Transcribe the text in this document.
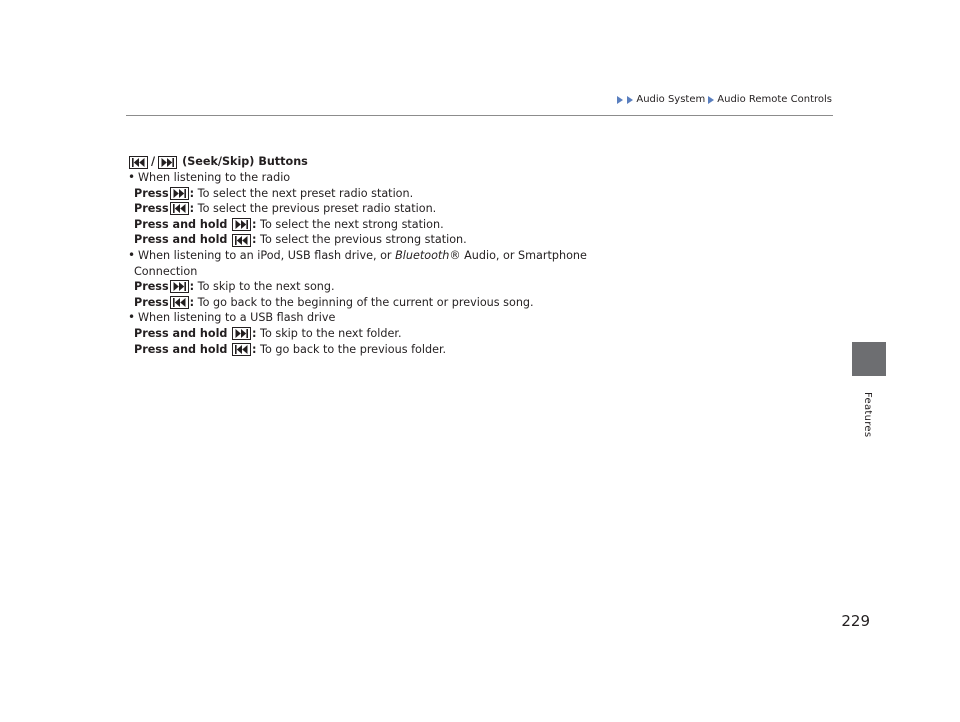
Audio System Audio Remote Controls
Features
/ (Seek/Skip) Buttons
• When listening to the radio
Press :
To select the next preset radio station.
Press :
To select the previous preset radio station.
Press and hold
:
To select the next strong station.
Press and hold
:
To select the previous strong station.
• When listening to an iPod, USB flash drive, or Bluetooth® Audio, or Smartphone
Connection
Press :
To skip to the next song.
Press :
To go back to the beginning of the current or previous song.
• When listening to a USB flash drive
Press and hold
:
To skip to the next folder.
Press and hold
:
To go back to the previous folder.
229
